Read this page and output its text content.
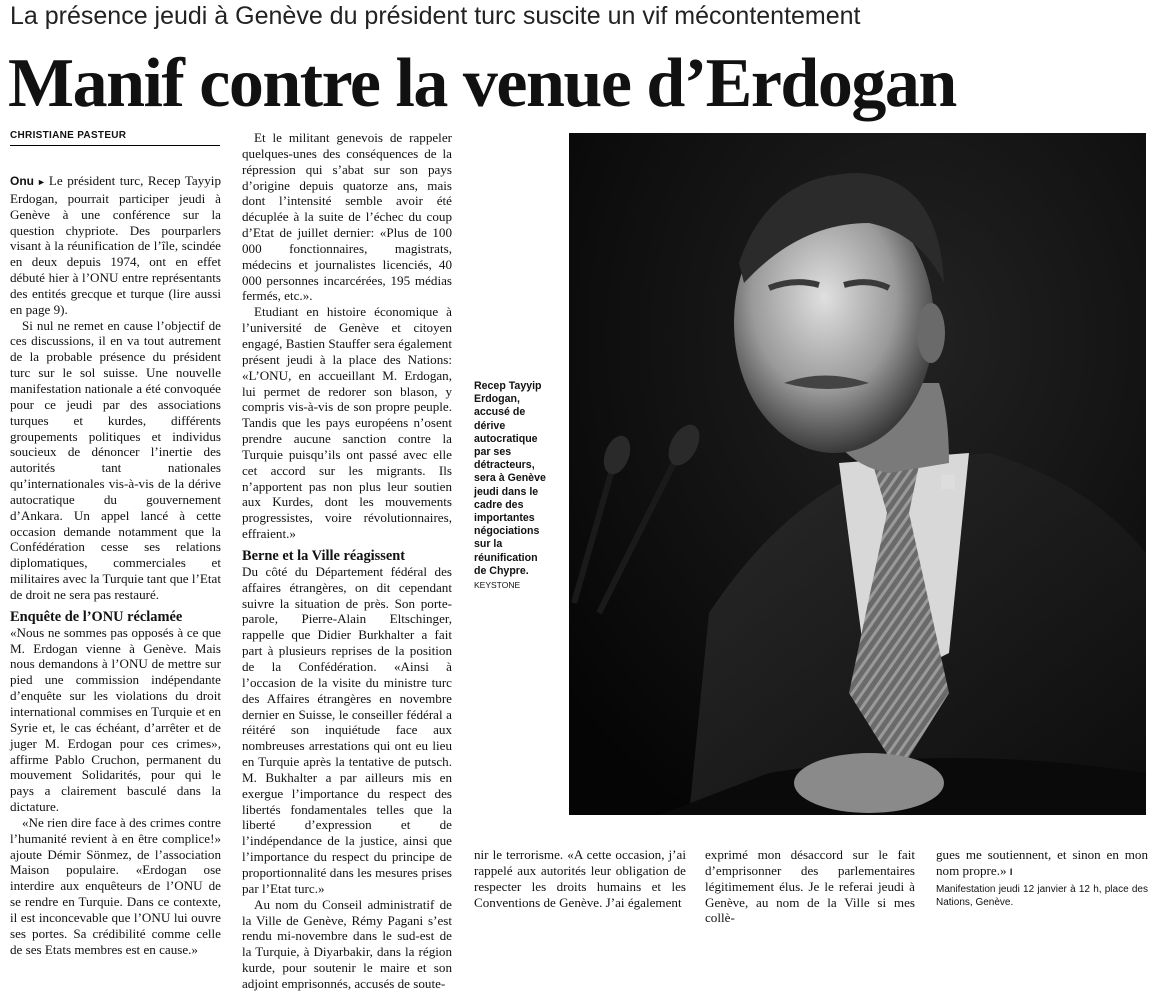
La présence jeudi à Genève du président turc suscite un vif mécontentement
Manif contre la venue d’Erdogan
CHRISTIANE PASTEUR

Onu ► Le président turc, Recep Tayyip Erdogan, pourrait participer jeudi à Genève à une conférence sur la question chypriote. Des pourparlers visant à la réunification de l’île, scindée en deux depuis 1974, ont en effet débuté hier à l’ONU entre représentants des entités grecque et turque (lire aussi en page 9).

Si nul ne remet en cause l’objectif de ces discussions, il en va tout autrement de la probable présence du président turc sur le sol suisse. Une nouvelle manifestation nationale a été convoquée pour ce jeudi par des associations turques et kurdes, différents groupements politiques et individus soucieux de dénoncer l’inertie des autorités tant nationales qu’internationales vis-à-vis de la dérive autocratique du gouvernement d’Ankara. Un appel lancé à cette occasion demande notamment que la Confédération cesse ses relations diplomatiques, commerciales et militaires avec la Turquie tant que l’Etat de droit ne sera pas restauré.

Enquête de l’ONU réclamée

«Nous ne sommes pas opposés à ce que M. Erdogan vienne à Genève. Mais nous demandons à l’ONU de mettre sur pied une commission indépendante d’enquête sur les violations du droit international commises en Turquie et en Syrie et, le cas échéant, d’arrêter et de juger M. Erdogan pour ces crimes», affirme Pablo Cruchon, permanent du mouvement Solidarités, pour qui le pays a clairement basculé dans la dictature.

«Ne rien dire face à des crimes contre l’humanité revient à en être complice!» ajoute Démir Sönmez, de l’association Maison populaire. «Erdogan ose interdire aux enquêteurs de l’ONU de se rendre en Turquie. Dans ce contexte, il est inconcevable que l’ONU lui ouvre ses portes. Sa crédibilité comme celle de ses Etats membres est en cause.»

Et le militant genevois de rappeler quelques-unes des conséquences de la répression qui s’abat sur son pays d’origine depuis quatorze ans, mais dont l’intensité semble avoir été décuplée à la suite de l’échec du coup d’Etat de juillet dernier: «Plus de 100 000 fonctionnaires, magistrats, médecins et journalistes licenciés, 40 000 personnes incarcérées, 195 médias fermés, etc.».

Etudiant en histoire économique à l’université de Genève et citoyen engagé, Bastien Stauffer sera également présent jeudi à la place des Nations: «L’ONU, en accueillant M. Erdogan, lui permet de redorer son blason, y compris vis-à-vis de son propre peuple. Tandis que les pays européens n’osent prendre aucune sanction contre la Turquie puisqu’ils ont passé avec elle cet accord sur les migrants. Ils n’apportent pas non plus leur soutien aux Kurdes, dont les mouvements progressistes, voire révolutionnaires, effraient.»

Berne et la Ville réagissent

Du côté du Département fédéral des affaires étrangères, on dit cependant suivre la situation de près. Son porte-parole, Pierre-Alain Eltschinger, rappelle que Didier Burkhalter a fait part à plusieurs reprises de la position de la Confédération. «Ainsi à l’occasion de la visite du ministre turc des Affaires étrangères en novembre dernier en Suisse, le conseiller fédéral a réitéré son inquiétude face aux nombreuses arrestations qui ont eu lieu en Turquie après la tentative de putsch. M. Bukhalter a par ailleurs mis en exergue l’importance du respect des libertés fondamentales telles que la liberté d’expression et de l’indépendance de la justice, ainsi que l’importance du respect du principe de proportionnalité dans les mesures prises par l’Etat turc.»

Au nom du Conseil administratif de la Ville de Genève, Rémy Pagani s’est rendu mi-novembre dans le sud-est de la Turquie, à Diyarbakir, dans la région kurde, pour soutenir le maire et son adjoint emprisonnés, accusés de soute-

Recep Tayyip Erdogan, accusé de dérive autocratique par ses détracteurs, sera à Genève jeudi dans le cadre des importantes négociations sur la réunification de Chypre.
KEYSTONE

nir le terrorisme. «A cette occasion, j’ai rappelé aux autorités leur obligation de respecter les droits humains et les Conventions de Genève. J’ai également

exprimé mon désaccord sur le fait d’emprisonner des parlementaires légitimement élus. Je le referai jeudi à Genève, au nom de la Ville si mes collè-

gues me soutiennent, et sinon en mon nom propre.» I

Manifestation jeudi 12 janvier à 12 h, place des Nations, Genève.
